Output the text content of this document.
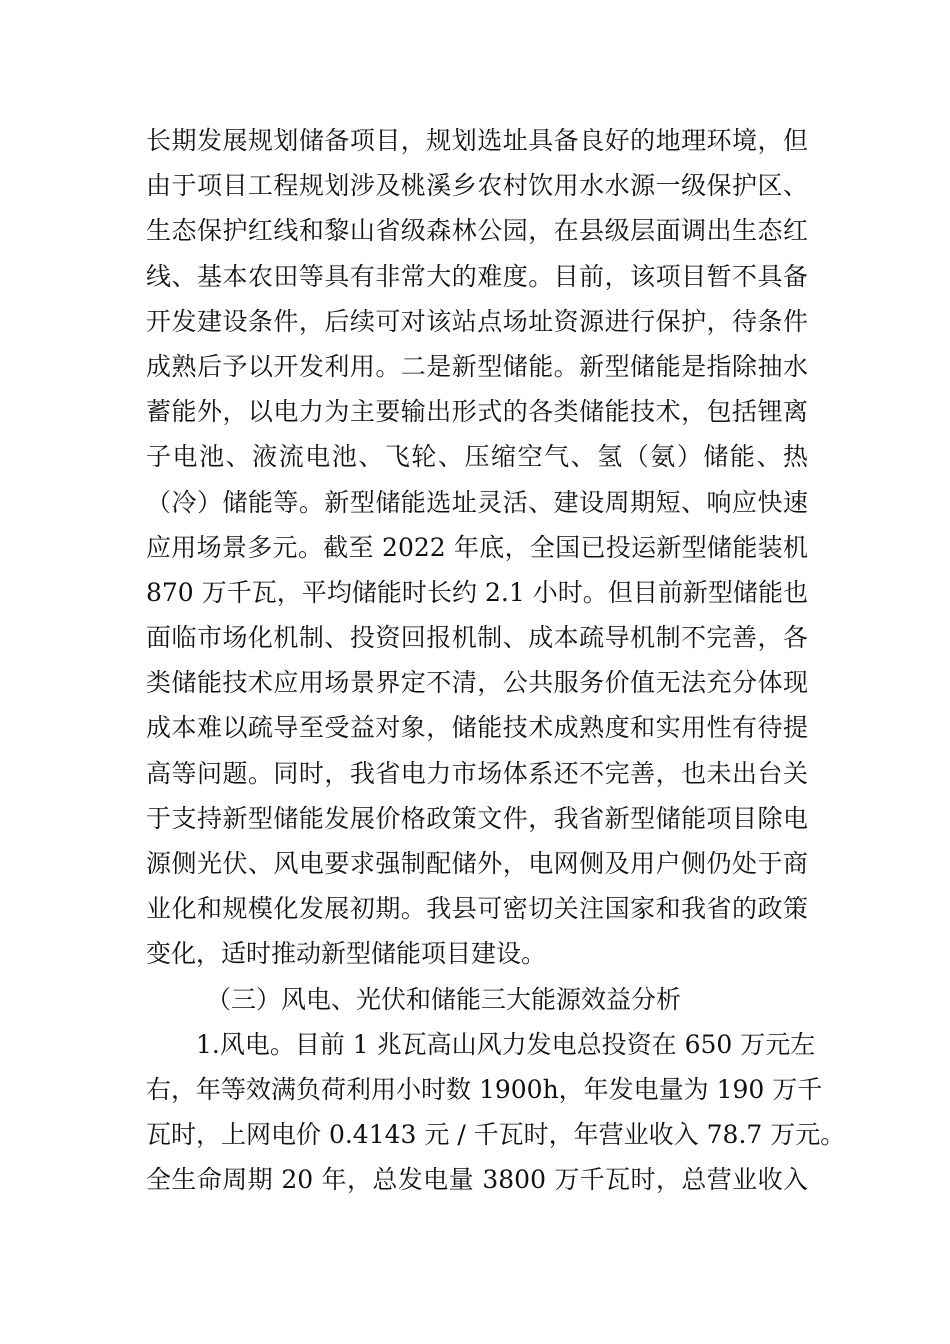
长期发展规划储备项目，规划选址具备良好的地理环境，但
由于项目工程规划涉及桃溪乡农村饮用水水源一级保护区、
生态保护红线和黎山省级森林公园，在县级层面调出生态红
线、基本农田等具有非常大的难度。目前，该项目暂不具备
开发建设条件，后续可对该站点场址资源进行保护，待条件
成熟后予以开发利用。二是新型储能。新型储能是指除抽水
蓄能外，以电力为主要输出形式的各类储能技术，包括锂离
子电池、液流电池、飞轮、压缩空气、氢（氨）储能、热
（冷）储能等。新型储能选址灵活、建设周期短、响应快速
应用场景多元。截至 2022 年底，全国已投运新型储能装机
870 万千瓦，平均储能时长约 2.1 小时。但目前新型储能也
面临市场化机制、投资回报机制、成本疏导机制不完善，各
类储能技术应用场景界定不清，公共服务价值无法充分体现
成本难以疏导至受益对象，储能技术成熟度和实用性有待提
高等问题。同时，我省电力市场体系还不完善，也未出台关
于支持新型储能发展价格政策文件，我省新型储能项目除电
源侧光伏、风电要求强制配储外，电网侧及用户侧仍处于商
业化和规模化发展初期。我县可密切关注国家和我省的政策
变化，适时推动新型储能项目建设。
（三）风电、光伏和储能三大能源效益分析
1.风电。目前 1 兆瓦高山风力发电总投资在 650 万元左
右，年等效满负荷利用小时数 1900h，年发电量为 190 万千
瓦时，上网电价 0.4143 元 / 千瓦时，年营业收入 78.7 万元。
全生命周期 20 年，总发电量 3800 万千瓦时，总营业收入
